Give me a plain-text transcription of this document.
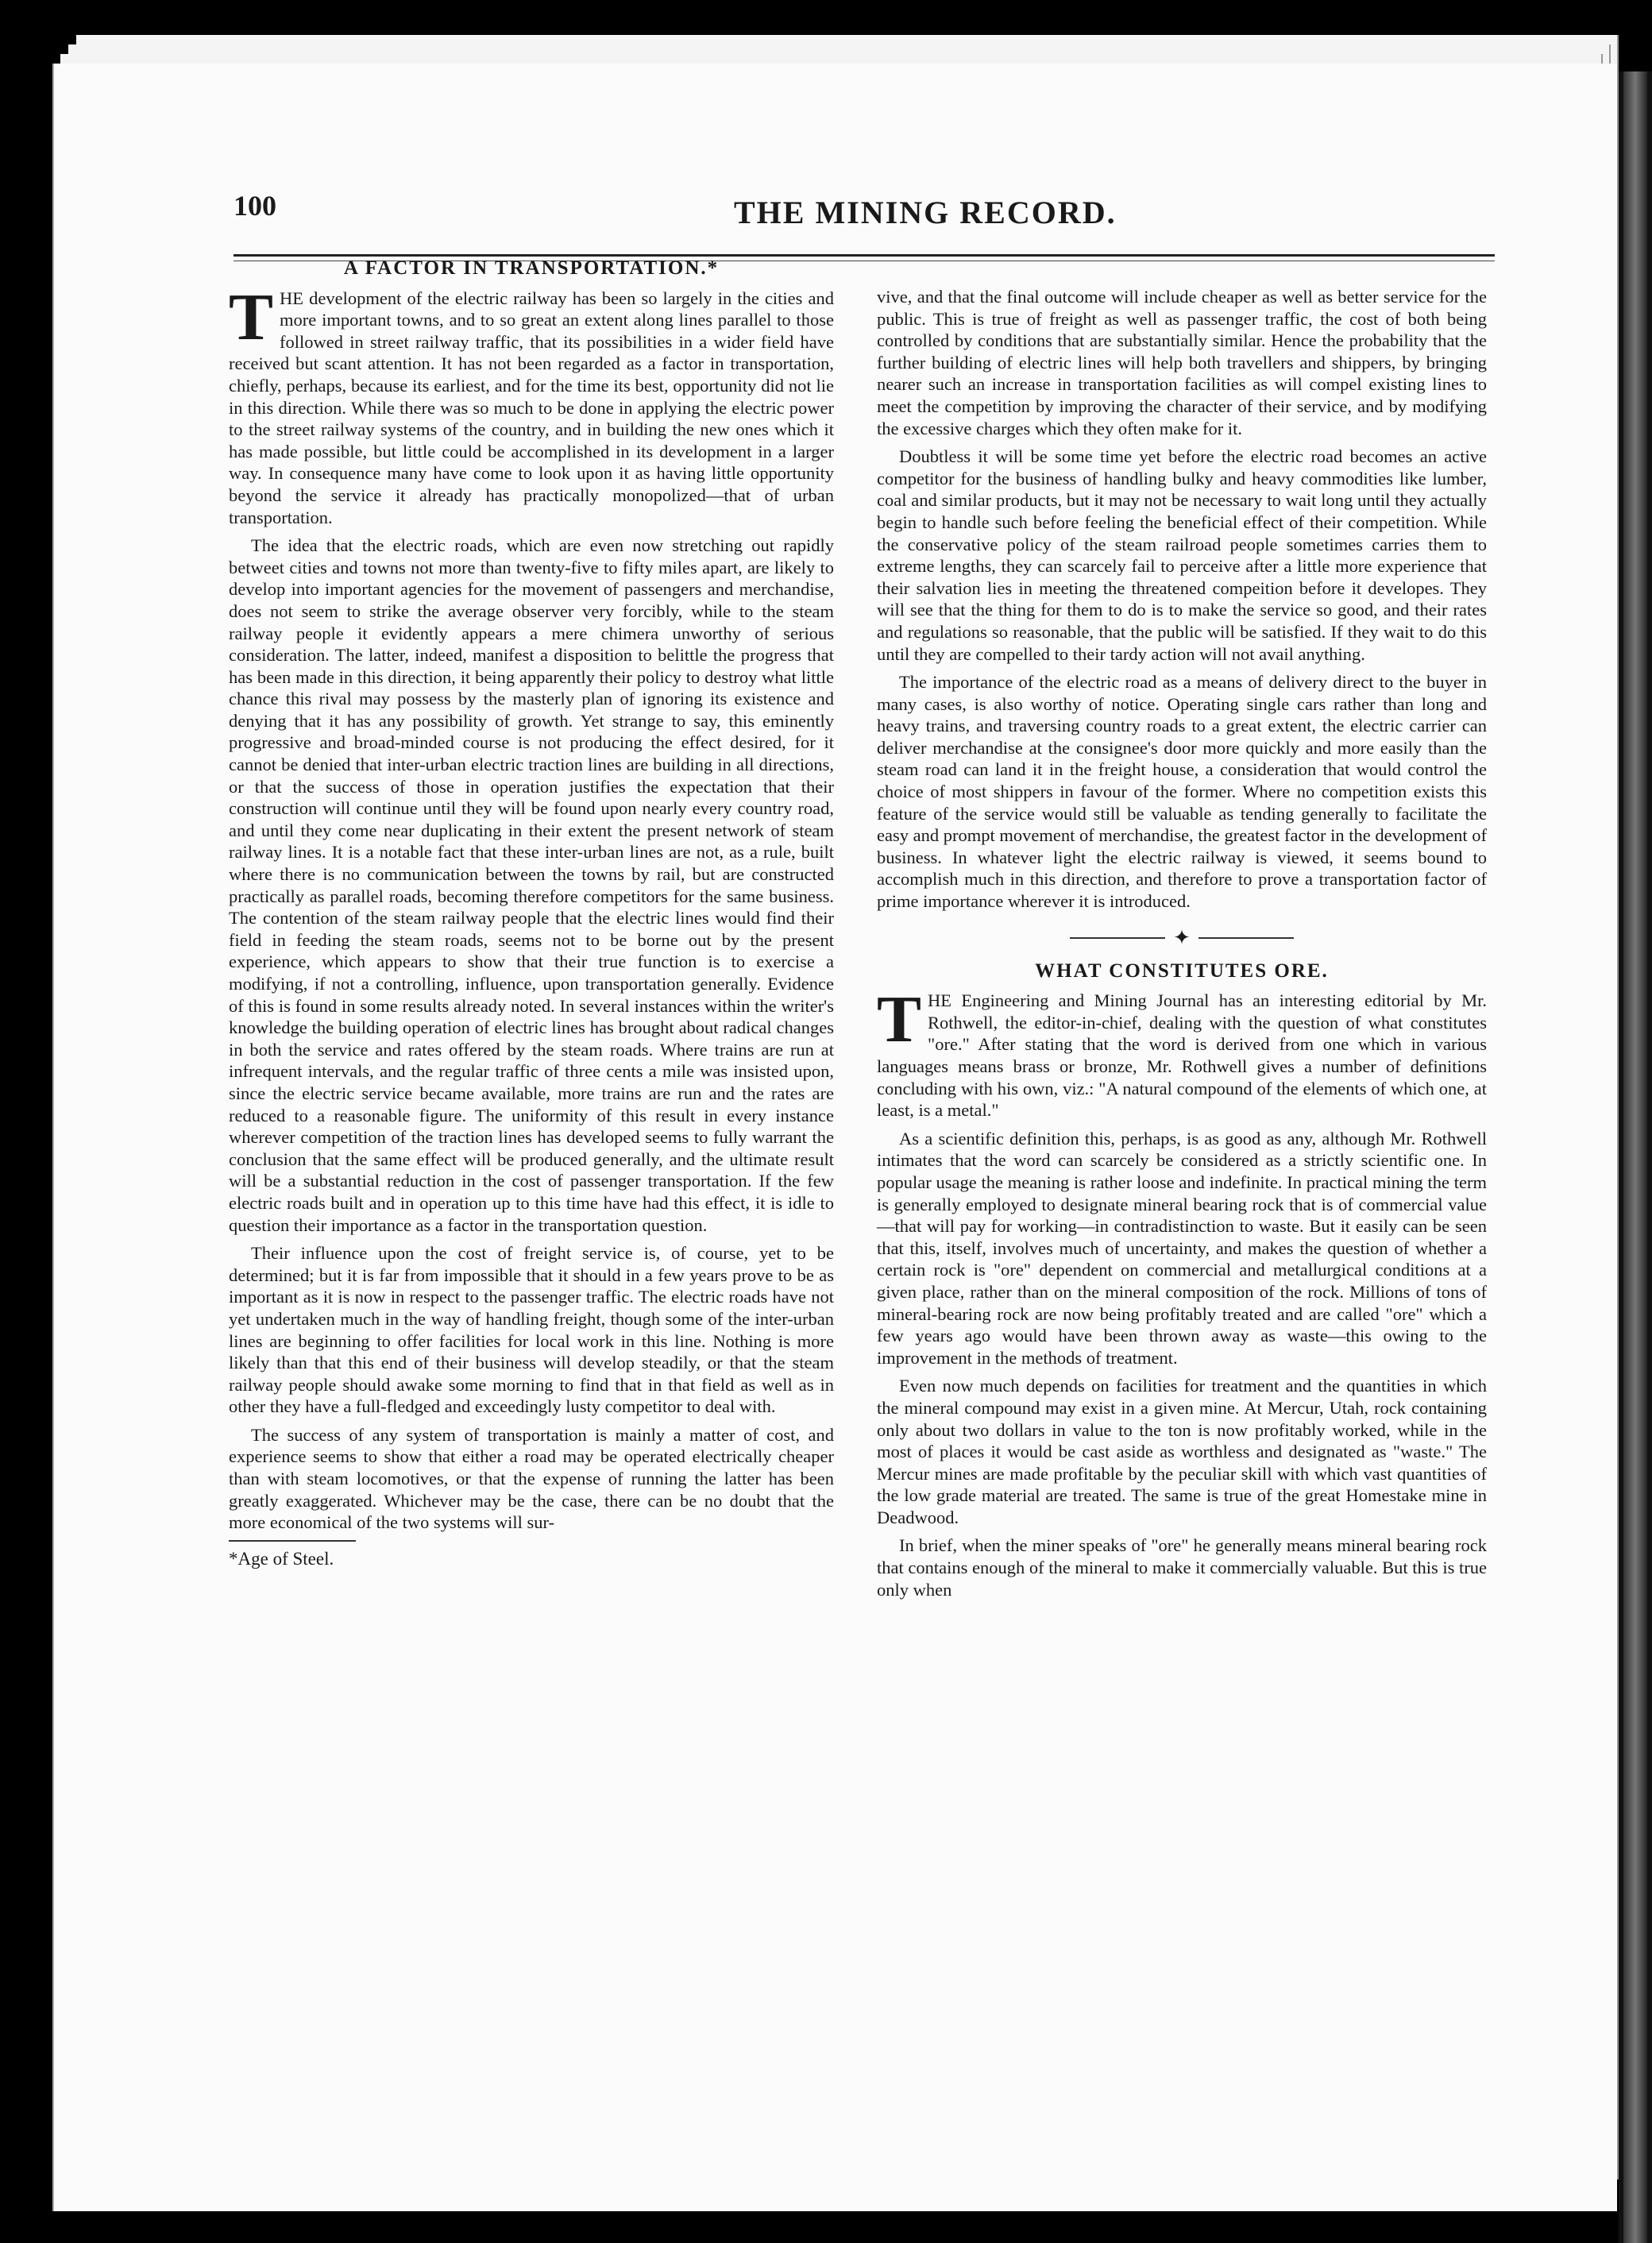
100	THE MINING RECORD.
A FACTOR IN TRANSPORTATION.*

THE development of the electric railway has been so largely in the cities and more important towns, and to so great an extent along lines parallel to those followed in street railway traffic, that its possibilities in a wider field have received but scant attention. It has not been regarded as a factor in transportation, chiefly, perhaps, because its earliest, and for the time its best, opportunity did not lie in this direction. While there was so much to be done in applying the electric power to the street railway systems of the country, and in building the new ones which it has made possible, but little could be accomplished in its development in a larger way. In consequence many have come to look upon it as having little opportunity beyond the service it already has practically monopolized—that of urban transportation.

The idea that the electric roads, which are even now stretching out rapidly betweet cities and towns not more than twenty-five to fifty miles apart, are likely to develop into important agencies for the movement of passengers and merchandise, does not seem to strike the average observer very forcibly, while to the steam railway people it evidently appears a mere chimera unworthy of serious consideration. The latter, indeed, manifest a disposition to belittle the progress that has been made in this direction, it being apparently their policy to destroy what little chance this rival may possess by the masterly plan of ignoring its existence and denying that it has any possibility of growth. Yet strange to say, this eminently progressive and broad-minded course is not producing the effect desired, for it cannot be denied that inter-urban electric traction lines are building in all directions, or that the success of those in operation justifies the expectation that their construction will continue until they will be found upon nearly every country road, and until they come near duplicating in their extent the present network of steam railway lines. It is a notable fact that these inter-urban lines are not, as a rule, built where there is no communication between the towns by rail, but are constructed practically as parallel roads, becoming therefore competitors for the same business. The contention of the steam railway people that the electric lines would find their field in feeding the steam roads, seems not to be borne out by the present experience, which appears to show that their true function is to exercise a modifying, if not a controlling, influence, upon transportation generally. Evidence of this is found in some results already noted. In several instances within the writer's knowledge the building operation of electric lines has brought about radical changes in both the service and rates offered by the steam roads. Where trains are run at infrequent intervals, and the regular traffic of three cents a mile was insisted upon, since the electric service became available, more trains are run and the rates are reduced to a reasonable figure. The uniformity of this result in every instance wherever competition of the traction lines has developed seems to fully warrant the conclusion that the same effect will be produced generally, and the ultimate result will be a substantial reduction in the cost of passenger transportation. If the few electric roads built and in operation up to this time have had this effect, it is idle to question their importance as a factor in the transportation question.

Their influence upon the cost of freight service is, of course, yet to be determined; but it is far from impossible that it should in a few years prove to be as important as it is now in respect to the passenger traffic. The electric roads have not yet undertaken much in the way of handling freight, though some of the inter-urban lines are beginning to offer facilities for local work in this line. Nothing is more likely than that this end of their business will develop steadily, or that the steam railway people should awake some morning to find that in that field as well as in other they have a full-fledged and exceedingly lusty competitor to deal with.

The success of any system of transportation is mainly a matter of cost, and experience seems to show that either a road may be operated electrically cheaper than with steam locomotives, or that the expense of running the latter has been greatly exaggerated. Whichever may be the case, there can be no doubt that the more economical of the two systems will sur-

*Age of Steel.

vive, and that the final outcome will include cheaper as well as better service for the public. This is true of freight as well as passenger traffic, the cost of both being controlled by conditions that are substantially similar. Hence the probability that the further building of electric lines will help both travellers and shippers, by bringing nearer such an increase in transportation facilities as will compel existing lines to meet the competition by improving the character of their service, and by modifying the excessive charges which they often make for it.

Doubtless it will be some time yet before the electric road becomes an active competitor for the business of handling bulky and heavy commodities like lumber, coal and similar products, but it may not be necessary to wait long until they actually begin to handle such before feeling the beneficial effect of their competition. While the conservative policy of the steam railroad people sometimes carries them to extreme lengths, they can scarcely fail to perceive after a little more experience that their salvation lies in meeting the threatened compeition before it developes. They will see that the thing for them to do is to make the service so good, and their rates and regulations so reasonable, that the public will be satisfied. If they wait to do this until they are compelled to their tardy action will not avail anything.

The importance of the electric road as a means of delivery direct to the buyer in many cases, is also worthy of notice. Operating single cars rather than long and heavy trains, and traversing country roads to a great extent, the electric carrier can deliver merchandise at the consignee's door more quickly and more easily than the steam road can land it in the freight house, a consideration that would control the choice of most shippers in favour of the former. Where no competition exists this feature of the service would still be valuable as tending generally to facilitate the easy and prompt movement of merchandise, the greatest factor in the development of business. In whatever light the electric railway is viewed, it seems bound to accomplish much in this direction, and therefore to prove a transportation factor of prime importance wherever it is introduced.

✦
WHAT CONSTITUTES ORE.

THE Engineering and Mining Journal has an interesting editorial by Mr. Rothwell, the editor-in-chief, dealing with the question of what constitutes "ore." After stating that the word is derived from one which in various languages means brass or bronze, Mr. Rothwell gives a number of definitions concluding with his own, viz.: "A natural compound of the elements of which one, at least, is a metal."

As a scientific definition this, perhaps, is as good as any, although Mr. Rothwell intimates that the word can scarcely be considered as a strictly scientific one. In popular usage the meaning is rather loose and indefinite. In practical mining the term is generally employed to designate mineral bearing rock that is of commercial value—that will pay for working—in contradistinction to waste. But it easily can be seen that this, itself, involves much of uncertainty, and makes the question of whether a certain rock is "ore" dependent on commercial and metallurgical conditions at a given place, rather than on the mineral composition of the rock. Millions of tons of mineral-bearing rock are now being profitably treated and are called "ore" which a few years ago would have been thrown away as waste—this owing to the improvement in the methods of treatment.

Even now much depends on facilities for treatment and the quantities in which the mineral compound may exist in a given mine. At Mercur, Utah, rock containing only about two dollars in value to the ton is now profitably worked, while in the most of places it would be cast aside as worthless and designated as "waste." The Mercur mines are made profitable by the peculiar skill with which vast quantities of the low grade material are treated. The same is true of the great Homestake mine in Deadwood.

In brief, when the miner speaks of "ore" he generally means mineral bearing rock that contains enough of the mineral to make it commercially valuable. But this is true only when
